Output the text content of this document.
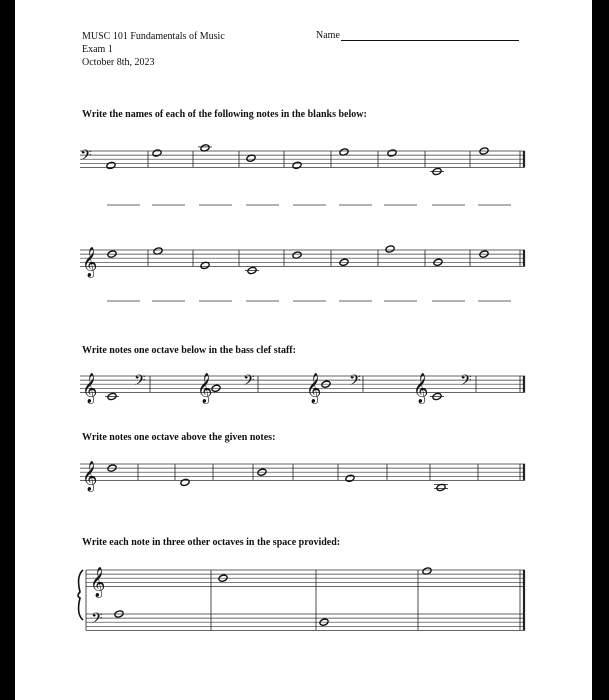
MUSC 101 Fundamentals of Music
Exam 1
October 8th, 2023
Name
Write the names of each of the following notes in the blanks below:
Write notes one octave below in the bass clef staff:
Write notes one octave above the given notes:
Write each note in three other octaves in the space provided:
𝄢
𝄞
𝄞 𝄢 𝄞 𝄢 𝄞 𝄢 𝄞 𝄢
𝄞
𝄞
𝄢
